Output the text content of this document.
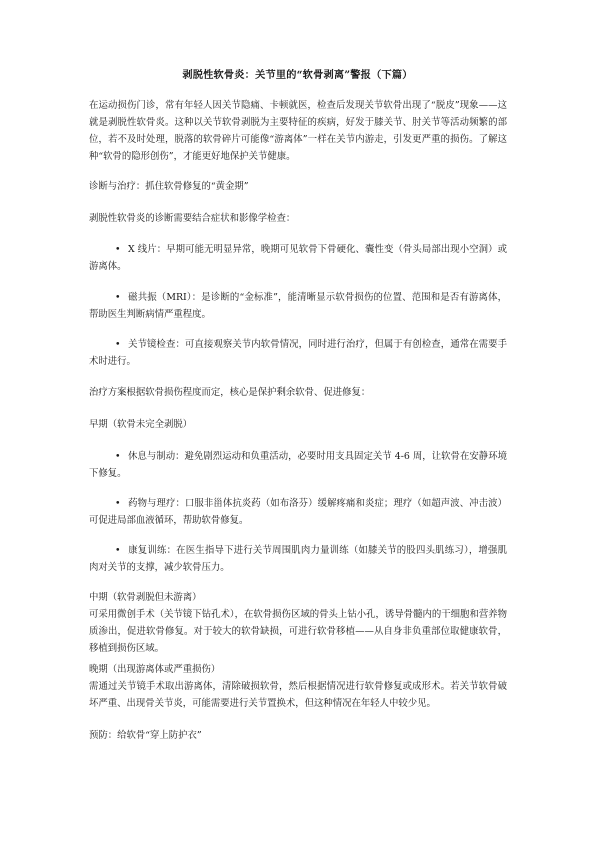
剥脱性软骨炎：关节里的“软骨剥离”警报（下篇）

在运动损伤门诊，常有年轻人因关节隐痛、卡顿就医，检查后发现关节软骨出现了“脱皮”现象——这就是剥脱性软骨炎。这种以关节软骨剥脱为主要特征的疾病，好发于膝关节、肘关节等活动频繁的部位，若不及时处理，脱落的软骨碎片可能像“游离体”一样在关节内游走，引发更严重的损伤。了解这种“软骨的隐形创伤”，才能更好地保护关节健康。

诊断与治疗：抓住软骨修复的“黄金期”

剥脱性软骨炎的诊断需要结合症状和影像学检查：

• X 线片：早期可能无明显异常，晚期可见软骨下骨硬化、囊性变（骨头局部出现小空洞）或游离体。

• 磁共振（MRI）：是诊断的“金标准”，能清晰显示软骨损伤的位置、范围和是否有游离体，帮助医生判断病情严重程度。

• 关节镜检查：可直接观察关节内软骨情况，同时进行治疗，但属于有创检查，通常在需要手术时进行。

治疗方案根据软骨损伤程度而定，核心是保护剩余软骨、促进修复：

早期（软骨未完全剥脱）

• 休息与制动：避免剧烈运动和负重活动，必要时用支具固定关节 4-6 周，让软骨在安静环境下修复。

• 药物与理疗：口服非甾体抗炎药（如布洛芬）缓解疼痛和炎症；理疗（如超声波、冲击波）可促进局部血液循环，帮助软骨修复。

• 康复训练：在医生指导下进行关节周围肌肉力量训练（如膝关节的股四头肌练习），增强肌肉对关节的支撑，减少软骨压力。

中期（软骨剥脱但未游离）

可采用微创手术（关节镜下钻孔术），在软骨损伤区域的骨头上钻小孔，诱导骨髓内的干细胞和营养物质渗出，促进软骨修复。对于较大的软骨缺损，可进行软骨移植——从自身非负重部位取健康软骨，移植到损伤区域。

晚期（出现游离体或严重损伤）

需通过关节镜手术取出游离体，清除破损软骨，然后根据情况进行软骨修复或成形术。若关节软骨破坏严重、出现骨关节炎，可能需要进行关节置换术，但这种情况在年轻人中较少见。

预防：给软骨“穿上防护衣”
